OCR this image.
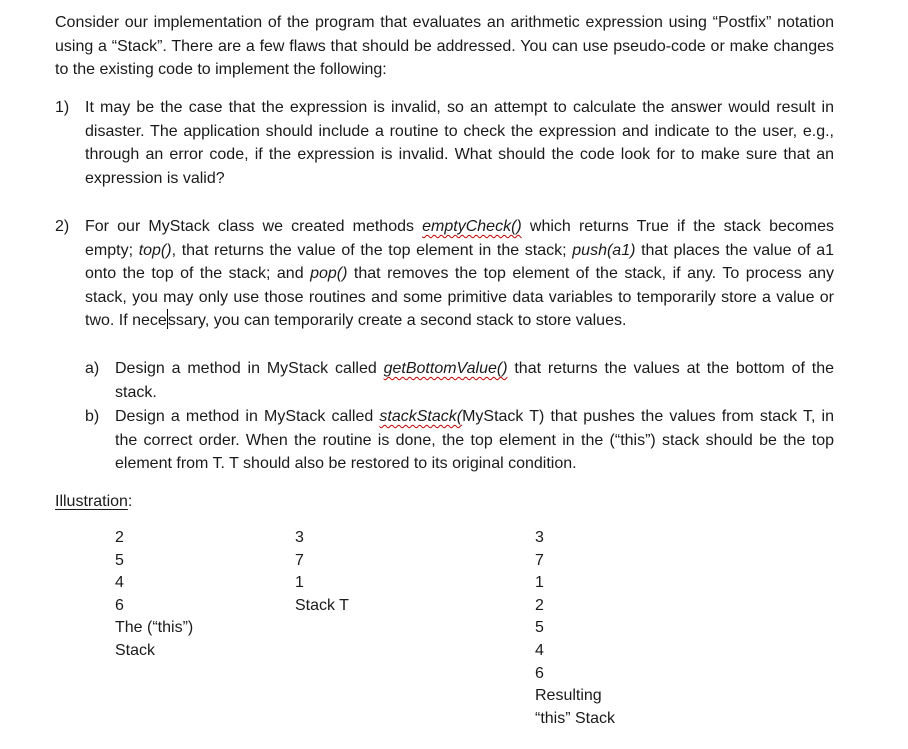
Consider our implementation of the program that evaluates an arithmetic expression using “Postfix” notation using a “Stack”. There are a few flaws that should be addressed. You can use pseudo-code or make changes to the existing code to implement the following:

1) It may be the case that the expression is invalid, so an attempt to calculate the answer would result in disaster. The application should include a routine to check the expression and indicate to the user, e.g., through an error code, if the expression is invalid. What should the code look for to make sure that an expression is valid?
2) For our MyStack class we created methods emptyCheck() which returns True if the stack becomes empty; top(), that returns the value of the top element in the stack; push(a1) that places the value of a1 onto the top of the stack; and pop() that removes the top element of the stack, if any. To process any stack, you may only use those routines and some primitive data variables to temporarily store a value or two. If necessary, you can temporarily create a second stack to store values.
a) Design a method in MyStack called getBottomValue() that returns the values at the bottom of the stack.
b) Design a method in MyStack called stackStack(MyStack T) that pushes the values from stack T, in the correct order. When the routine is done, the top element in the (“this”) stack should be the top element from T. T should also be restored to its original condition.
Illustration:
2
5
4
6
The (“this”)
Stack
3
7
1
Stack T
3
7
1
2
5
4
6
Resulting
“this” Stack
